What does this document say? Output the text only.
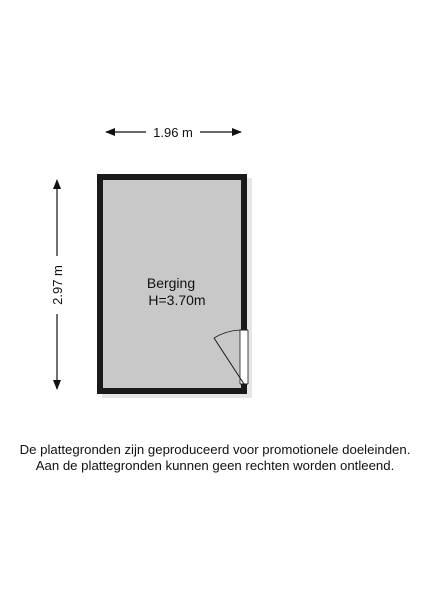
1.96 m
2.97 m	Berging
H=3.70m
De plattegronden zijn geproduceerd voor promotionele doeleinden.
Aan de plattegronden kunnen geen rechten worden ontleend.
